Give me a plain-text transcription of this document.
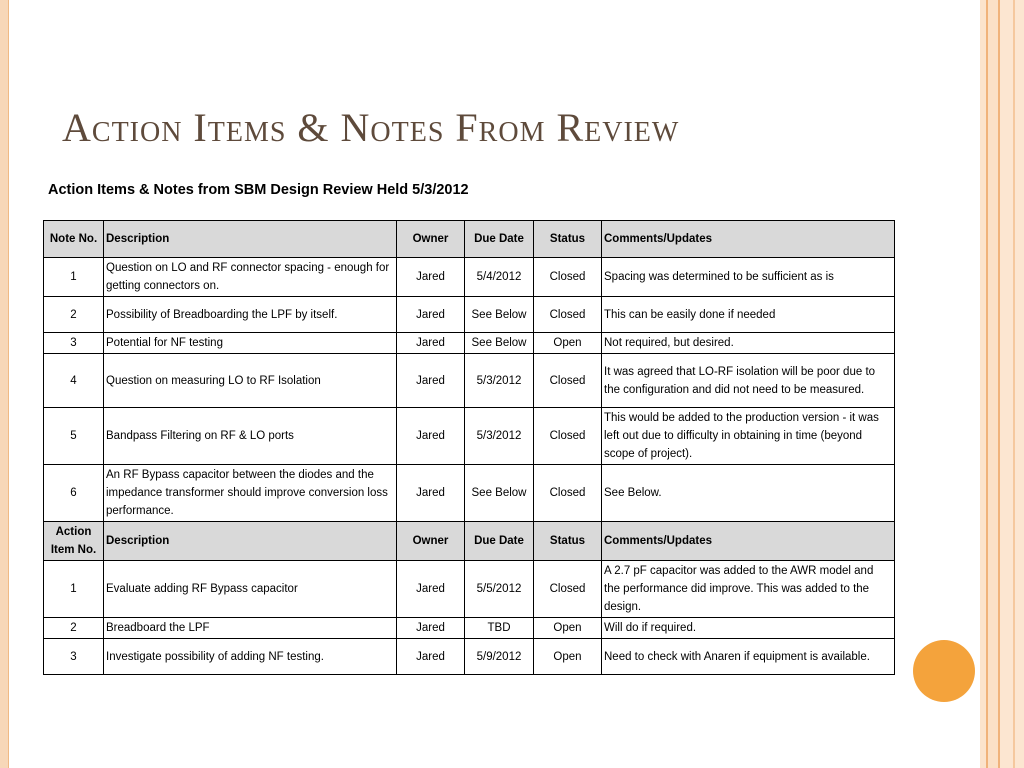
Action Items & Notes From Review
Action Items & Notes from SBM Design Review Held 5/3/2012
Note No.	Description	Owner	Due Date	Status	Comments/Updates
1	Question on LO and RF connector spacing - enough for getting connectors on.	Jared	5/4/2012	Closed	Spacing was determined to be sufficient as is
2	Possibility of Breadboarding the LPF by itself.	Jared	See Below	Closed	This can be easily done if needed
3	Potential for NF testing	Jared	See Below	Open	Not required, but desired.
4	Question on measuring LO to RF Isolation	Jared	5/3/2012	Closed	It was agreed that LO-RF isolation will be poor due to the configuration and did not need to be measured.
5	Bandpass Filtering on RF & LO ports	Jared	5/3/2012	Closed	This would be added to the production version - it was left out due to difficulty in obtaining in time (beyond scope of project).
6	An RF Bypass capacitor between the diodes and the impedance transformer should improve conversion loss performance.	Jared	See Below	Closed	See Below.
Action Item No.	Description	Owner	Due Date	Status	Comments/Updates
1	Evaluate adding RF Bypass capacitor	Jared	5/5/2012	Closed	A 2.7 pF capacitor was added to the AWR model and the performance did improve. This was added to the design.
2	Breadboard the LPF	Jared	TBD	Open	Will do if required.
3	Investigate possibility of adding NF testing.	Jared	5/9/2012	Open	Need to check with Anaren if equipment is available.
